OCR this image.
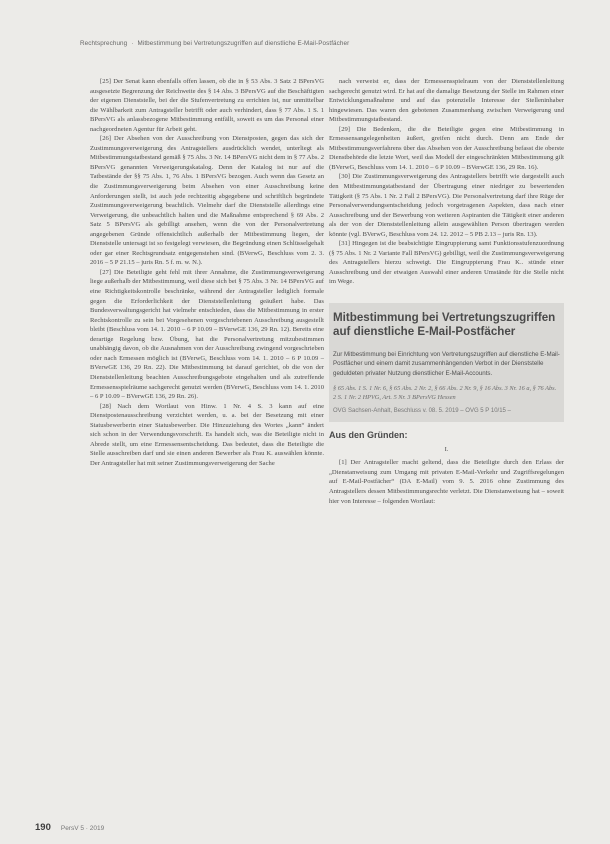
Rechtsprechung · Mitbestimmung bei Vertretungszugriffen auf dienstliche E-Mail-Postfächer

[25] Der Senat kann ebenfalls offen lassen, ob die in § 53 Abs. 3 Satz 2 BPersVG ausgesetzte Begrenzung der Reichweite des § 14 Abs. 3 BPersVG auf die Beschäftigten der eigenen Dienststelle, bei der die Stufenvertretung zu errichten ist, nur unmittelbar die Wählbarkeit zum Antragsteller betrifft oder auch verhindert, dass § 77 Abs. 1 S. 1 BPersVG als anlassbezogene Mitbestimmung entfällt, soweit es um das Personal einer nachgeordneten Agentur für Arbeit geht.

[26] Der Absehen von der Ausschreibung von Dienstposten, gegen das sich der Zustimmungsverweigerung des Antragstellers ausdrücklich wendet, unterliegt als Mitbestimmungstatbestand gemäß § 75 Abs. 3 Nr. 14 BPersVG nicht dem in § 77 Abs. 2 BPersVG genannten Verweigerungskatalog. Denn der Katalog ist nur auf die Tatbestände der §§ 75 Abs. 1, 76 Abs. 1 BPersVG bezogen. Auch wenn das Gesetz an die Zustimmungsverweigerung beim Absehen von einer Ausschreibung keine Anforderungen stellt, ist auch jede rechtzeitig abgegebene und schriftlich begründete Zustimmungsverweigerung beachtlich. Vielmehr darf die Dienststelle allerdings eine Verweigerung, die unbeachtlich halten und die Maßnahme entsprechend § 69 Abs. 2 Satz 5 BPersVG als gebilligt ansehen, wenn die von der Personalvertretung angegebenen Gründe offensichtlich außerhalb der Mitbestimmung liegen, der Dienststelle untersagt ist so festgelegt verwiesen, die Begründung einen Schlüsselgehalt oder gar einer Rechtsgrundsatz entgegenstehen sind. (BVerwG, Beschluss vom 2. 3. 2016 – 5 P 21.15 – juris Rn. 5 f. m. w. N.).

[27] Die Beteiligte geht fehl mit ihrer Annahme, die Zustimmungsverweigerung liege außerhalb der Mitbestimmung, weil diese sich bei § 75 Abs. 3 Nr. 14 BPersVG auf eine Richtigkeitskontrolle beschränke, während der Antragsteller lediglich formale gegen die Erforderlichkeit der Dienststellenleitung geäußert habe. Das Bundesverwaltungsgericht hat vielmehr entschieden, dass die Mitbestimmung in erster Rechtskontrolle zu sein bei Vorgesehenen vorgeschriebenen Ausschreibung ausgestellt bleibt (Beschluss vom 14. 1. 2010 – 6 P 10.09 – BVerwGE 136, 29 Rn. 12). Bereits eine derartige Regelung bzw. Übung, hat die Personalvertretung mitzubestimmen unabhängig davon, ob die Ausnahmen von der Ausschreibung zwingend vorgeschrieben oder nach Ermessen möglich ist (BVerwG, Beschluss vom 14. 1. 2010 – 6 P 10.09 – BVerwGE 136, 29 Rn. 22). Die Mitbestimmung ist darauf gerichtet, ob die von der Dienststellenleitung beachten Ausschreibungsgebote eingehalten und als zutreffende Ermessensspielräume sachgerecht genutzt werden (BVerwG, Beschluss vom 14. 1. 2010 – 6 P 10.09 – BVerwGE 136, 29 Rn. 26).

[28] Nach dem Wortlaut von Hinw. 1 Nr. 4 S. 3 kann auf eine Dienstpostenausschreibung verzichtet werden, u. a. bei der Besetzung mit einer Statusbewerberin einer Statusbewerber. Die Hinzuziehung des Wortes „kann“ ändert sich schon in der Verwendungsvorschrift. Es handelt sich, was die Beteiligte nicht in Abrede stellt, um eine Ermessensentscheidung. Das bedeutet, dass die Beteiligte die Stelle ausschreiben darf und sie einen anderen Bewerber als Frau K. auswählen könnte. Der Antragsteller hat mit seiner Zustimmungsverweigerung der Sache

nach verweist er, dass der Ermessensspielraum von der Dienststellenleitung sachgerecht genutzt wird. Er hat auf die damalige Besetzung der Stelle im Rahmen einer Entwicklungsmaßnahme und auf das potenzielle Interesse der Stelleninhaber hingewiesen. Das waren den gebotenen Zusammenhang zwischen Verweigerung und Mitbestimmungstatbestand.

[29] Die Bedenken, die die Beteiligte gegen eine Mitbestimmung in Ermessensangelegenheiten äußert, greifen nicht durch. Denn am Ende der Mitbestimmungsverfahrens über das Absehen von der Ausschreibung befasst die oberste Dienstbehörde die letzte Wort, weil das Modell der eingeschränkten Mitbestimmung gilt (BVerwG, Beschluss vom 14. 1. 2010 – 6 P 10.09 – BVerwGE 136, 29 Rn. 16).

[30] Die Zustimmungsverweigerung des Antragstellers betrifft wie dargestellt auch den Mitbestimmungstatbestand der Übertragung einer niedriger zu bewertenden Tätigkeit (§ 75 Abs. 1 Nr. 2 Fall 2 BPersVG). Die Personalvertretung darf ihre Rüge der Personalverwendungsentscheidung jedoch vorgetragenen Aspekten, dass nach einer Ausschreibung und der Bewerbung von weiteren Aspiranten die Tätigkeit einer anderen als der von der Dienststellenleitung allein ausgewählten Person übertragen werden könnte (vgl. BVerwG, Beschluss vom 24. 12. 2012 – 5 PB 2.13 – juris Rn. 13).

[31] Hingegen ist die beabsichtigte Eingruppierung samt Funktionsstufenzuordnung (§ 75 Abs. 1 Nr. 2 Variante Fall BPersVG) gebilligt, weil die Zustimmungsverweigerung des Antragstellers hierzu schweigt. Die Eingruppierung Frau K.. stünde einer Ausschreibung und der etwaigen Auswahl einer anderen Umstände für die Stelle nicht im Wege.

Mitbestimmung bei Vertretungszugriffen auf dienstliche E-Mail-Postfächer
Zur Mitbestimmung bei Einrichtung von Vertretungszugriffen auf dienstliche E-Mail-Postfächer und einem damit zusammenhängenden Verbot in der Dienststelle geduldeten privater Nutzung dienstlicher E-Mail-Accounts.
§ 65 Abs. 1 S. 1 Nr. 6, § 65 Abs. 2 Nr. 2, § 66 Abs. 2 Nr. 9, § 16 Abs. 3 Nr. 16 a, § 76 Abs. 2 S. 1 Nr. 2 HPVG, Art. 5 Nr. 3 BPersVG Hessen
OVG Sachsen-Anhalt, Beschluss v. 08. 5. 2019 – OVG 5 P 10/15 –
Aus den Gründen:

I.

[1] Der Antragsteller macht geltend, dass die Beteiligte durch den Erlass der „Dienstanweisung zum Umgang mit privaten E-Mail-Verkehr und Zugriffsregelungen auf E-Mail-Postfächer“ (DA E-Mail) vom 9. 5. 2016 ohne Zustimmung des Antragstellers dessen Mitbestimmungsrechte verletzt. Die Dienstanweisung hat – soweit hier von Interesse – folgenden Wortlaut:

190 PersV 5 · 2019
